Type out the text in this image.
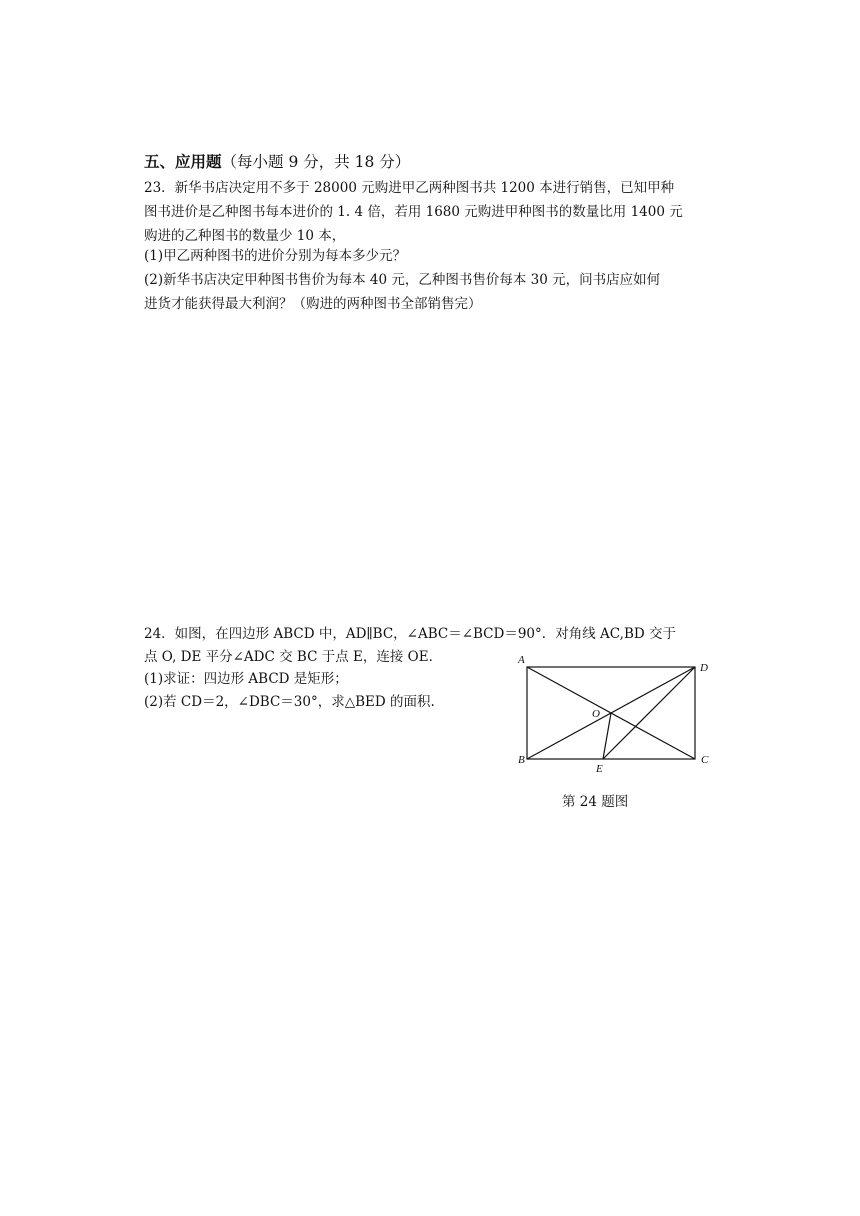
五、应用题（每小题 9 分，共 18 分）
23．新华书店决定用不多于 28000 元购进甲乙两种图书共 1200 本进行销售，已知甲种
图书进价是乙种图书每本进价的 1. 4 倍，若用 1680 元购进甲种图书的数量比用 1400 元
购进的乙种图书的数量少 10 本，
(1)甲乙两种图书的进价分别为每本多少元？
(2)新华书店决定甲种图书售价为每本 40 元，乙种图书售价每本 30 元，问书店应如何
进货才能获得最大利润？（购进的两种图书全部销售完）
24．如图，在四边形 ABCD 中，AD∥BC，∠ABC＝∠BCD＝90°．对角线 AC,BD 交于
点 O, DE 平分∠ADC 交 BC 于点 E，连接 OE．
(1)求证：四边形 ABCD 是矩形；
(2)若 CD＝2，∠DBC＝30°，求△BED 的面积.
A
D
B	C
O
E
第 24 题图
